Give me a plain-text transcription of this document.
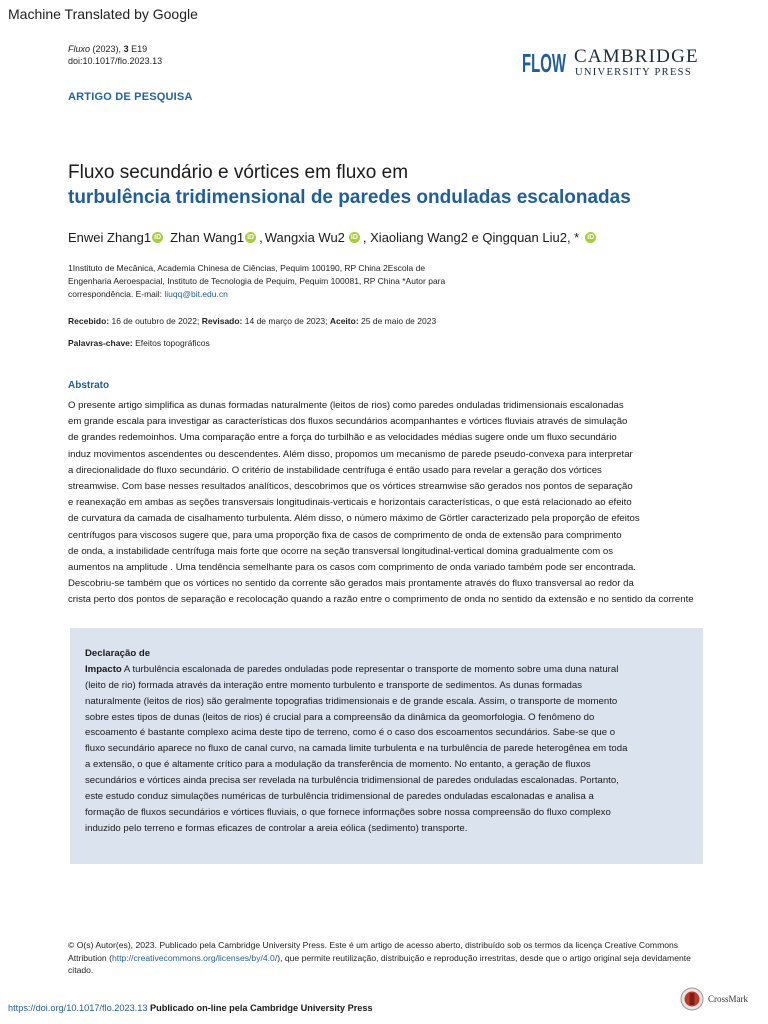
Machine Translated by Google
Fluxo (2023), 3 E19
doi:10.1017/flo.2023.13	FLOW CAMBRIDGE
UNIVERSITY PRESS
ARTIGO DE PESQUISA
Fluxo secundário e vórtices em fluxo em
turbulência tridimensional de paredes onduladas escalonadas
Enwei Zhang1 iD Zhan Wang1 iD , Wangxia Wu2 iD , Xiaoliang Wang2 e Qingquan Liu2, * iD
1Instituto de Mecânica, Academia Chinesa de Ciências, Pequim 100190, RP China 2Escola de
Engenharia Aeroespacial, Instituto de Tecnologia de Pequim, Pequim 100081, RP China *Autor para
correspondência. E-mail: liuqq@bit.edu.cn
Recebido: 16 de outubro de 2022; Revisado: 14 de março de 2023; Aceito: 25 de maio de 2023
Palavras-chave: Efeitos topográficos
Abstrato
O presente artigo simplifica as dunas formadas naturalmente (leitos de rios) como paredes onduladas tridimensionais escalonadas
em grande escala para investigar as características dos fluxos secundários acompanhantes e vórtices fluviais através de simulação
de grandes redemoinhos. Uma comparação entre a força do turbilhão e as velocidades médias sugere onde um fluxo secundário
induz movimentos ascendentes ou descendentes. Além disso, propomos um mecanismo de parede pseudo-convexa para interpretar
a direcionalidade do fluxo secundário. O critério de instabilidade centrífuga é então usado para revelar a geração dos vórtices
streamwise. Com base nesses resultados analíticos, descobrimos que os vórtices streamwise são gerados nos pontos de separação
e reanexação em ambas as seções transversais longitudinais-verticais e horizontais características, o que está relacionado ao efeito
de curvatura da camada de cisalhamento turbulenta. Além disso, o número máximo de Görtler caracterizado pela proporção de efeitos
centrífugos para viscosos sugere que, para uma proporção fixa de casos de comprimento de onda de extensão para comprimento
de onda, a instabilidade centrífuga mais forte que ocorre na seção transversal longitudinal-vertical domina gradualmente com os
aumentos na amplitude . Uma tendência semelhante para os casos com comprimento de onda variado também pode ser encontrada.
Descobriu-se também que os vórtices no sentido da corrente são gerados mais prontamente através do fluxo transversal ao redor da
crista perto dos pontos de separação e recolocação quando a razão entre o comprimento de onda no sentido da extensão e no sentido da corrente
Declaração de
Impacto A turbulência escalonada de paredes onduladas pode representar o transporte de momento sobre uma duna natural
(leito de rio) formada através da interação entre momento turbulento e transporte de sedimentos. As dunas formadas
naturalmente (leitos de rios) são geralmente topografias tridimensionais e de grande escala. Assim, o transporte de momento
sobre estes tipos de dunas (leitos de rios) é crucial para a compreensão da dinâmica da geomorfologia. O fenômeno do
escoamento é bastante complexo acima deste tipo de terreno, como é o caso dos escoamentos secundários. Sabe-se que o
fluxo secundário aparece no fluxo de canal curvo, na camada limite turbulenta e na turbulência de parede heterogênea em toda
a extensão, o que é altamente crítico para a modulação da transferência de momento. No entanto, a geração de fluxos
secundários e vórtices ainda precisa ser revelada na turbulência tridimensional de paredes onduladas escalonadas. Portanto,
este estudo conduz simulações numéricas de turbulência tridimensional de paredes onduladas escalonadas e analisa a
formação de fluxos secundários e vórtices fluviais, o que fornece informações sobre nossa compreensão do fluxo complexo
induzido pelo terreno e formas eficazes de controlar a areia eólica (sedimento) transporte.
© O(s) Autor(es), 2023. Publicado pela Cambridge University Press. Este é um artigo de acesso aberto, distribuído sob os termos da licença Creative Commons Attribution (http://creativecommons.org/licenses/by/4.0/), que permite reutilização, distribuição e reprodução irrestritas, desde que o artigo original seja devidamente citado.
https://doi.org/10.1017/flo.2023.13 Publicado on-line pela Cambridge University Press
CrossMark
